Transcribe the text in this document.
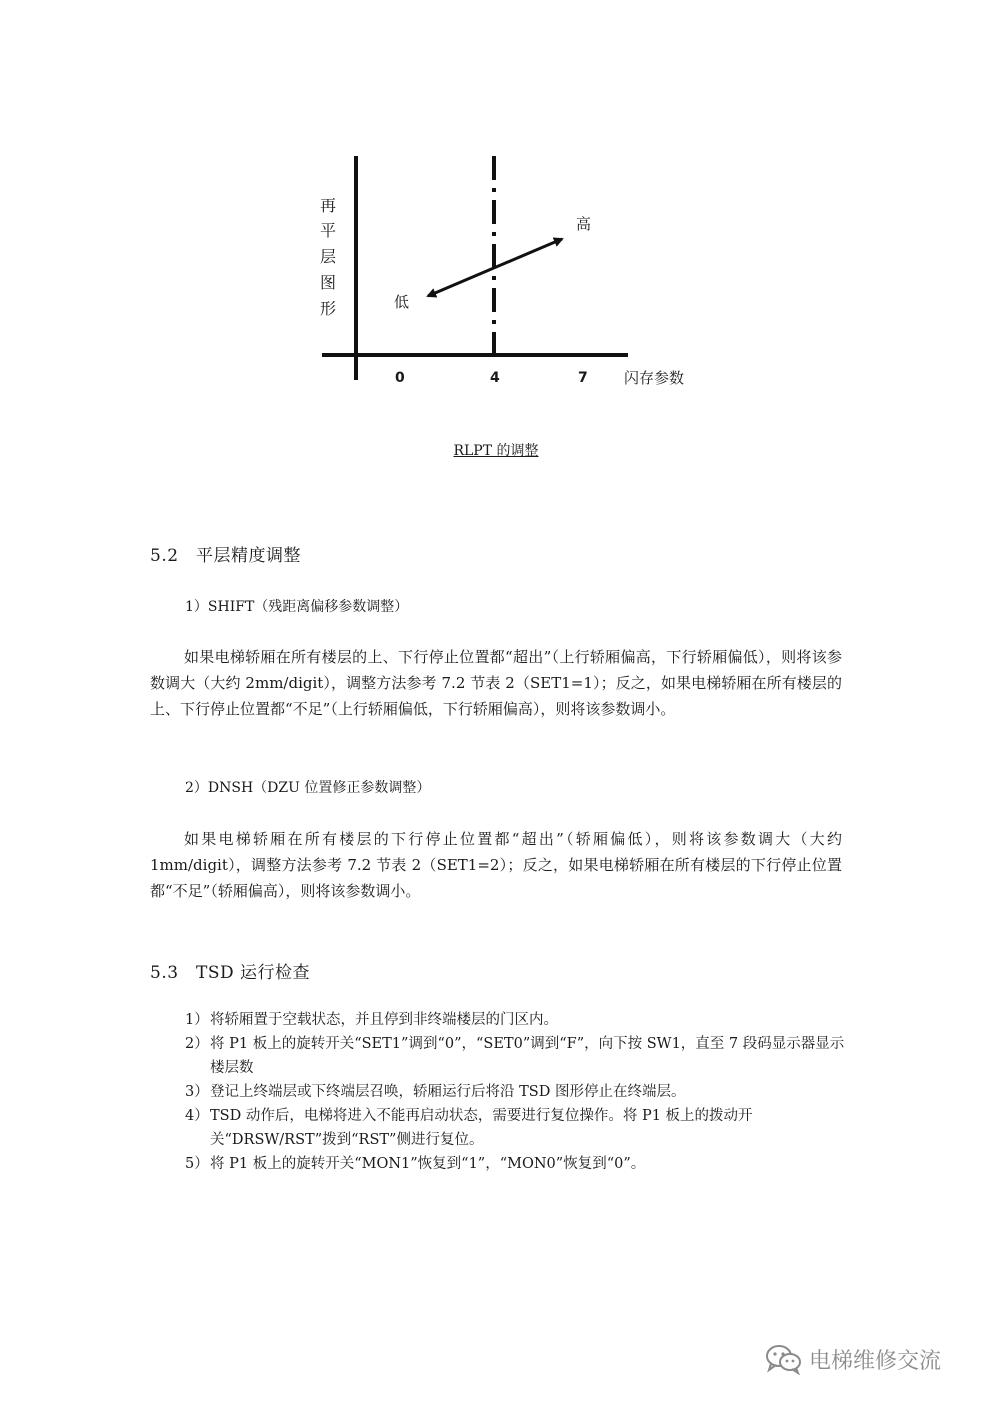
再
平
层
图
形	低
高
0	4	7 闪存参数
RLPT 的调整
5.2　平层精度调整
1）SHIFT（残距离偏移参数调整）

如果电梯轿厢在所有楼层的上、下行停止位置都“超出”（上行轿厢偏高，下行轿厢偏低），则将该参数调大（大约 2mm/digit），调整方法参考 7.2 节表 2（SET1=1）；反之，如果电梯轿厢在所有楼层的上、下行停止位置都“不足”（上行轿厢偏低，下行轿厢偏高），则将该参数调小。

2）DNSH（DZU 位置修正参数调整）

如果电梯轿厢在所有楼层的下行停止位置都“超出”（轿厢偏低），则将该参数调大（大约 1mm/digit），调整方法参考 7.2 节表 2（SET1=2）；反之，如果电梯轿厢在所有楼层的下行停止位置都“不足”（轿厢偏高），则将该参数调小。

5.3　TSD 运行检查
1） 将轿厢置于空载状态，并且停到非终端楼层的门区内。
2） 将 P1 板上的旋转开关“SET1”调到“0”，“SET0”调到“F”，向下按 SW1，直至 7 段码显示器显示楼层数
3） 登记上终端层或下终端层召唤，轿厢运行后将沿 TSD 图形停止在终端层。
4） TSD 动作后，电梯将进入不能再启动状态，需要进行复位操作。将 P1 板上的拨动开关“DRSW/RST”拨到“RST”侧进行复位。
5） 将 P1 板上的旋转开关“MON1”恢复到“1”，“MON0”恢复到“0”。
电梯维修交流
